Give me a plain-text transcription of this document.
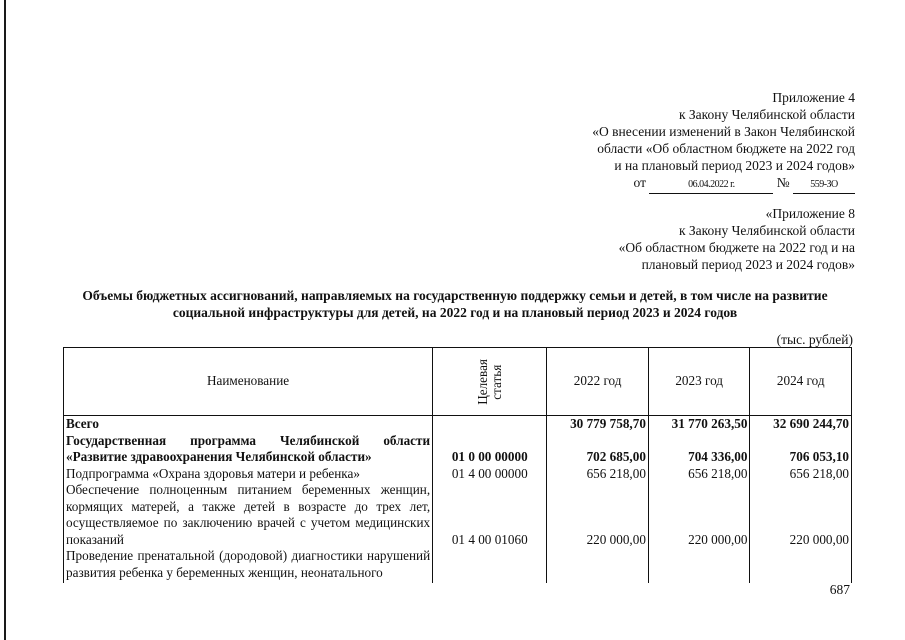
Приложение 4
к Закону Челябинской области
«О внесении изменений в Закон Челябинской
области «Об областном бюджете на 2022 год
и на плановый период 2023 и 2024 годов»
от	06.04.2022 г.	№ 559-ЗО
«Приложение 8
к Закону Челябинской области
«Об областном бюджете на 2022 год и на
плановый период 2023 и 2024 годов»
Объемы бюджетных ассигнований, направляемых на государственную поддержку семьи и детей, в том числе на развитие
социальной инфраструктуры для детей, на 2022 год и на плановый период 2023 и 2024 годов
(тыс. рублей)
Наименование	Целевая статья	2022 год	2023 год	2024 год
Всего		30 779 758,70	31 770 263,50	32 690 244,70
Государственная программа Челябинской области «Развитие здравоохранения Челябинской области»	01 0 00 00000	702 685,00	704 336,00	706 053,10
Подпрограмма «Охрана здоровья матери и ребенка»	01 4 00 00000	656 218,00	656 218,00	656 218,00
Обеспечение полноценным питанием беременных женщин, кормящих матерей, а также детей в возрасте до трех лет, осуществляемое по заключению врачей с учетом медицинских показаний	01 4 00 01060	220 000,00	220 000,00	220 000,00
Проведение пренатальной (дородовой) диагностики нарушений развития ребенка у беременных женщин, неонатального				
687
